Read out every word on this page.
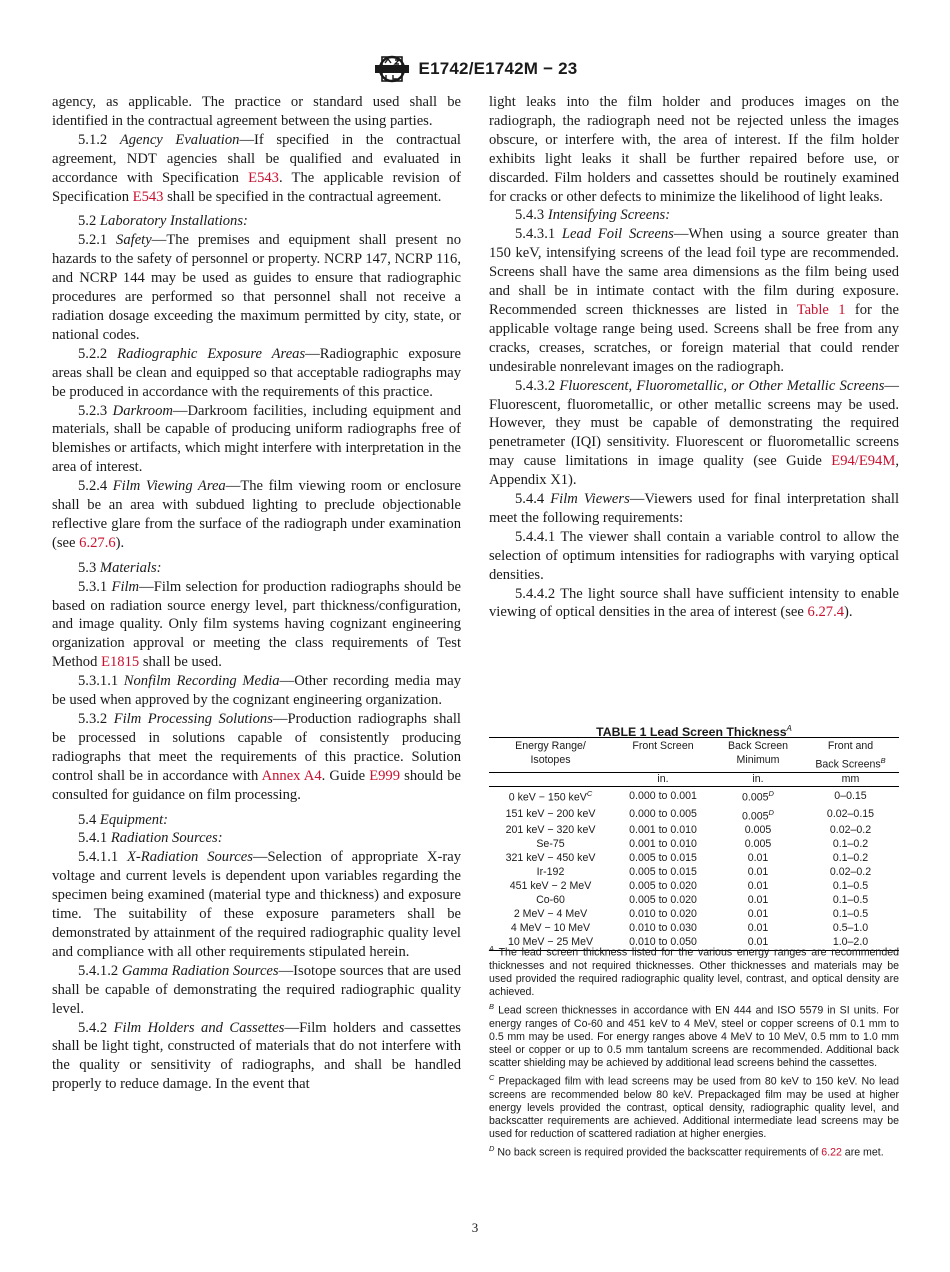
E1742/E1742M − 23

agency, as applicable. The practice or standard used shall be identified in the contractual agreement between the using parties.

5.1.2 Agency Evaluation—If specified in the contractual agreement, NDT agencies shall be qualified and evaluated in accordance with Specification E543. The applicable revision of Specification E543 shall be specified in the contractual agreement.

5.2 Laboratory Installations:

5.2.1 Safety—The premises and equipment shall present no hazards to the safety of personnel or property. NCRP 147, NCRP 116, and NCRP 144 may be used as guides to ensure that radiographic procedures are performed so that personnel shall not receive a radiation dosage exceeding the maximum permitted by city, state, or national codes.

5.2.2 Radiographic Exposure Areas—Radiographic exposure areas shall be clean and equipped so that acceptable radiographs may be produced in accordance with the requirements of this practice.

5.2.3 Darkroom—Darkroom facilities, including equipment and materials, shall be capable of producing uniform radiographs free of blemishes or artifacts, which might interfere with interpretation in the area of interest.

5.2.4 Film Viewing Area—The film viewing room or enclosure shall be an area with subdued lighting to preclude objectionable reflective glare from the surface of the radiograph under examination (see 6.27.6).

5.3 Materials:

5.3.1 Film—Film selection for production radiographs should be based on radiation source energy level, part thickness/configuration, and image quality. Only film systems having cognizant engineering organization approval or meeting the class requirements of Test Method E1815 shall be used.

5.3.1.1 Nonfilm Recording Media—Other recording media may be used when approved by the cognizant engineering organization.

5.3.2 Film Processing Solutions—Production radiographs shall be processed in solutions capable of consistently producing radiographs that meet the requirements of this practice. Solution control shall be in accordance with Annex A4. Guide E999 should be consulted for guidance on film processing.

5.4 Equipment:

5.4.1 Radiation Sources:

5.4.1.1 X-Radiation Sources—Selection of appropriate X-ray voltage and current levels is dependent upon variables regarding the specimen being examined (material type and thickness) and exposure time. The suitability of these exposure parameters shall be demonstrated by attainment of the required radiographic quality level and compliance with all other requirements stipulated herein.

5.4.1.2 Gamma Radiation Sources—Isotope sources that are used shall be capable of demonstrating the required radiographic quality level.

5.4.2 Film Holders and Cassettes—Film holders and cassettes shall be light tight, constructed of materials that do not interfere with the quality or sensitivity of radiographs, and shall be handled properly to reduce damage. In the event that

light leaks into the film holder and produces images on the radiograph, the radiograph need not be rejected unless the images obscure, or interfere with, the area of interest. If the film holder exhibits light leaks it shall be further repaired before use, or discarded. Film holders and cassettes should be routinely examined for cracks or other defects to minimize the likelihood of light leaks.

5.4.3 Intensifying Screens:

5.4.3.1 Lead Foil Screens—When using a source greater than 150 keV, intensifying screens of the lead foil type are recommended. Screens shall have the same area dimensions as the film being used and shall be in intimate contact with the film during exposure. Recommended screen thicknesses are listed in Table 1 for the applicable voltage range being used. Screens shall be free from any cracks, creases, scratches, or foreign material that could render undesirable nonrelevant images on the radiograph.

5.4.3.2 Fluorescent, Fluorometallic, or Other Metallic Screens—Fluorescent, fluorometallic, or other metallic screens may be used. However, they must be capable of demonstrating the required penetrameter (IQI) sensitivity. Fluorescent or fluorometallic screens may cause limitations in image quality (see Guide E94/E94M, Appendix X1).

5.4.4 Film Viewers—Viewers used for final interpretation shall meet the following requirements:

5.4.4.1 The viewer shall contain a variable control to allow the selection of optimum intensities for radiographs with varying optical densities.

5.4.4.2 The light source shall have sufficient intensity to enable viewing of optical densities in the area of interest (see 6.27.4).

TABLE 1 Lead Screen Thickness$^A$
Energy Range/	Front Screen	Back Screen	Front and
Isotopes		Minimum	Back Screens$^B$
	in.	in.	mm
0 keV − 150 keV$^C$	0.000 to 0.001	$0.005^D$	0–0.15
151 keV − 200 keV	0.000 to 0.005	$0.005^D$	0.02–0.15
201 keV − 320 keV	0.001 to 0.010	0.005	0.02–0.2
Se-75	0.001 to 0.010	0.005	0.1–0.2
321 keV − 450 keV	0.005 to 0.015	0.01	0.1–0.2
Ir-192	0.005 to 0.015	0.01	0.02–0.2
451 keV − 2 MeV	0.005 to 0.020	0.01	0.1–0.5
Co-60	0.005 to 0.020	0.01	0.1–0.5
2 MeV − 4 MeV	0.010 to 0.020	0.01	0.1–0.5
4 MeV − 10 MeV	0.010 to 0.030	0.01	0.5–1.0
10 MeV − 25 MeV	0.010 to 0.050	0.01	1.0–2.0

$^A$ The lead screen thickness listed for the various energy ranges are recommended thicknesses and not required thicknesses. Other thicknesses and materials may be used provided the required radiographic quality level, contrast, and optical density are achieved.

$^B$ Lead screen thicknesses in accordance with EN 444 and ISO 5579 in SI units. For energy ranges of Co-60 and 451 keV to 4 MeV, steel or copper screens of 0.1 mm to 0.5 mm may be used. For energy ranges above 4 MeV to 10 MeV, 0.5 mm to 1.0 mm steel or copper or up to 0.5 mm tantalum screens are recommended. Additional back scatter shielding may be achieved by additional lead screens behind the cassettes.

$^C$ Prepackaged film with lead screens may be used from 80 keV to 150 keV. No lead screens are recommended below 80 keV. Prepackaged film may be used at higher energy levels provided the contrast, optical density, radiographic quality level, and backscatter requirements are achieved. Additional intermediate lead screens may be used for reduction of scattered radiation at higher energies.

$^D$ No back screen is required provided the backscatter requirements of 6.22 are met.

3
